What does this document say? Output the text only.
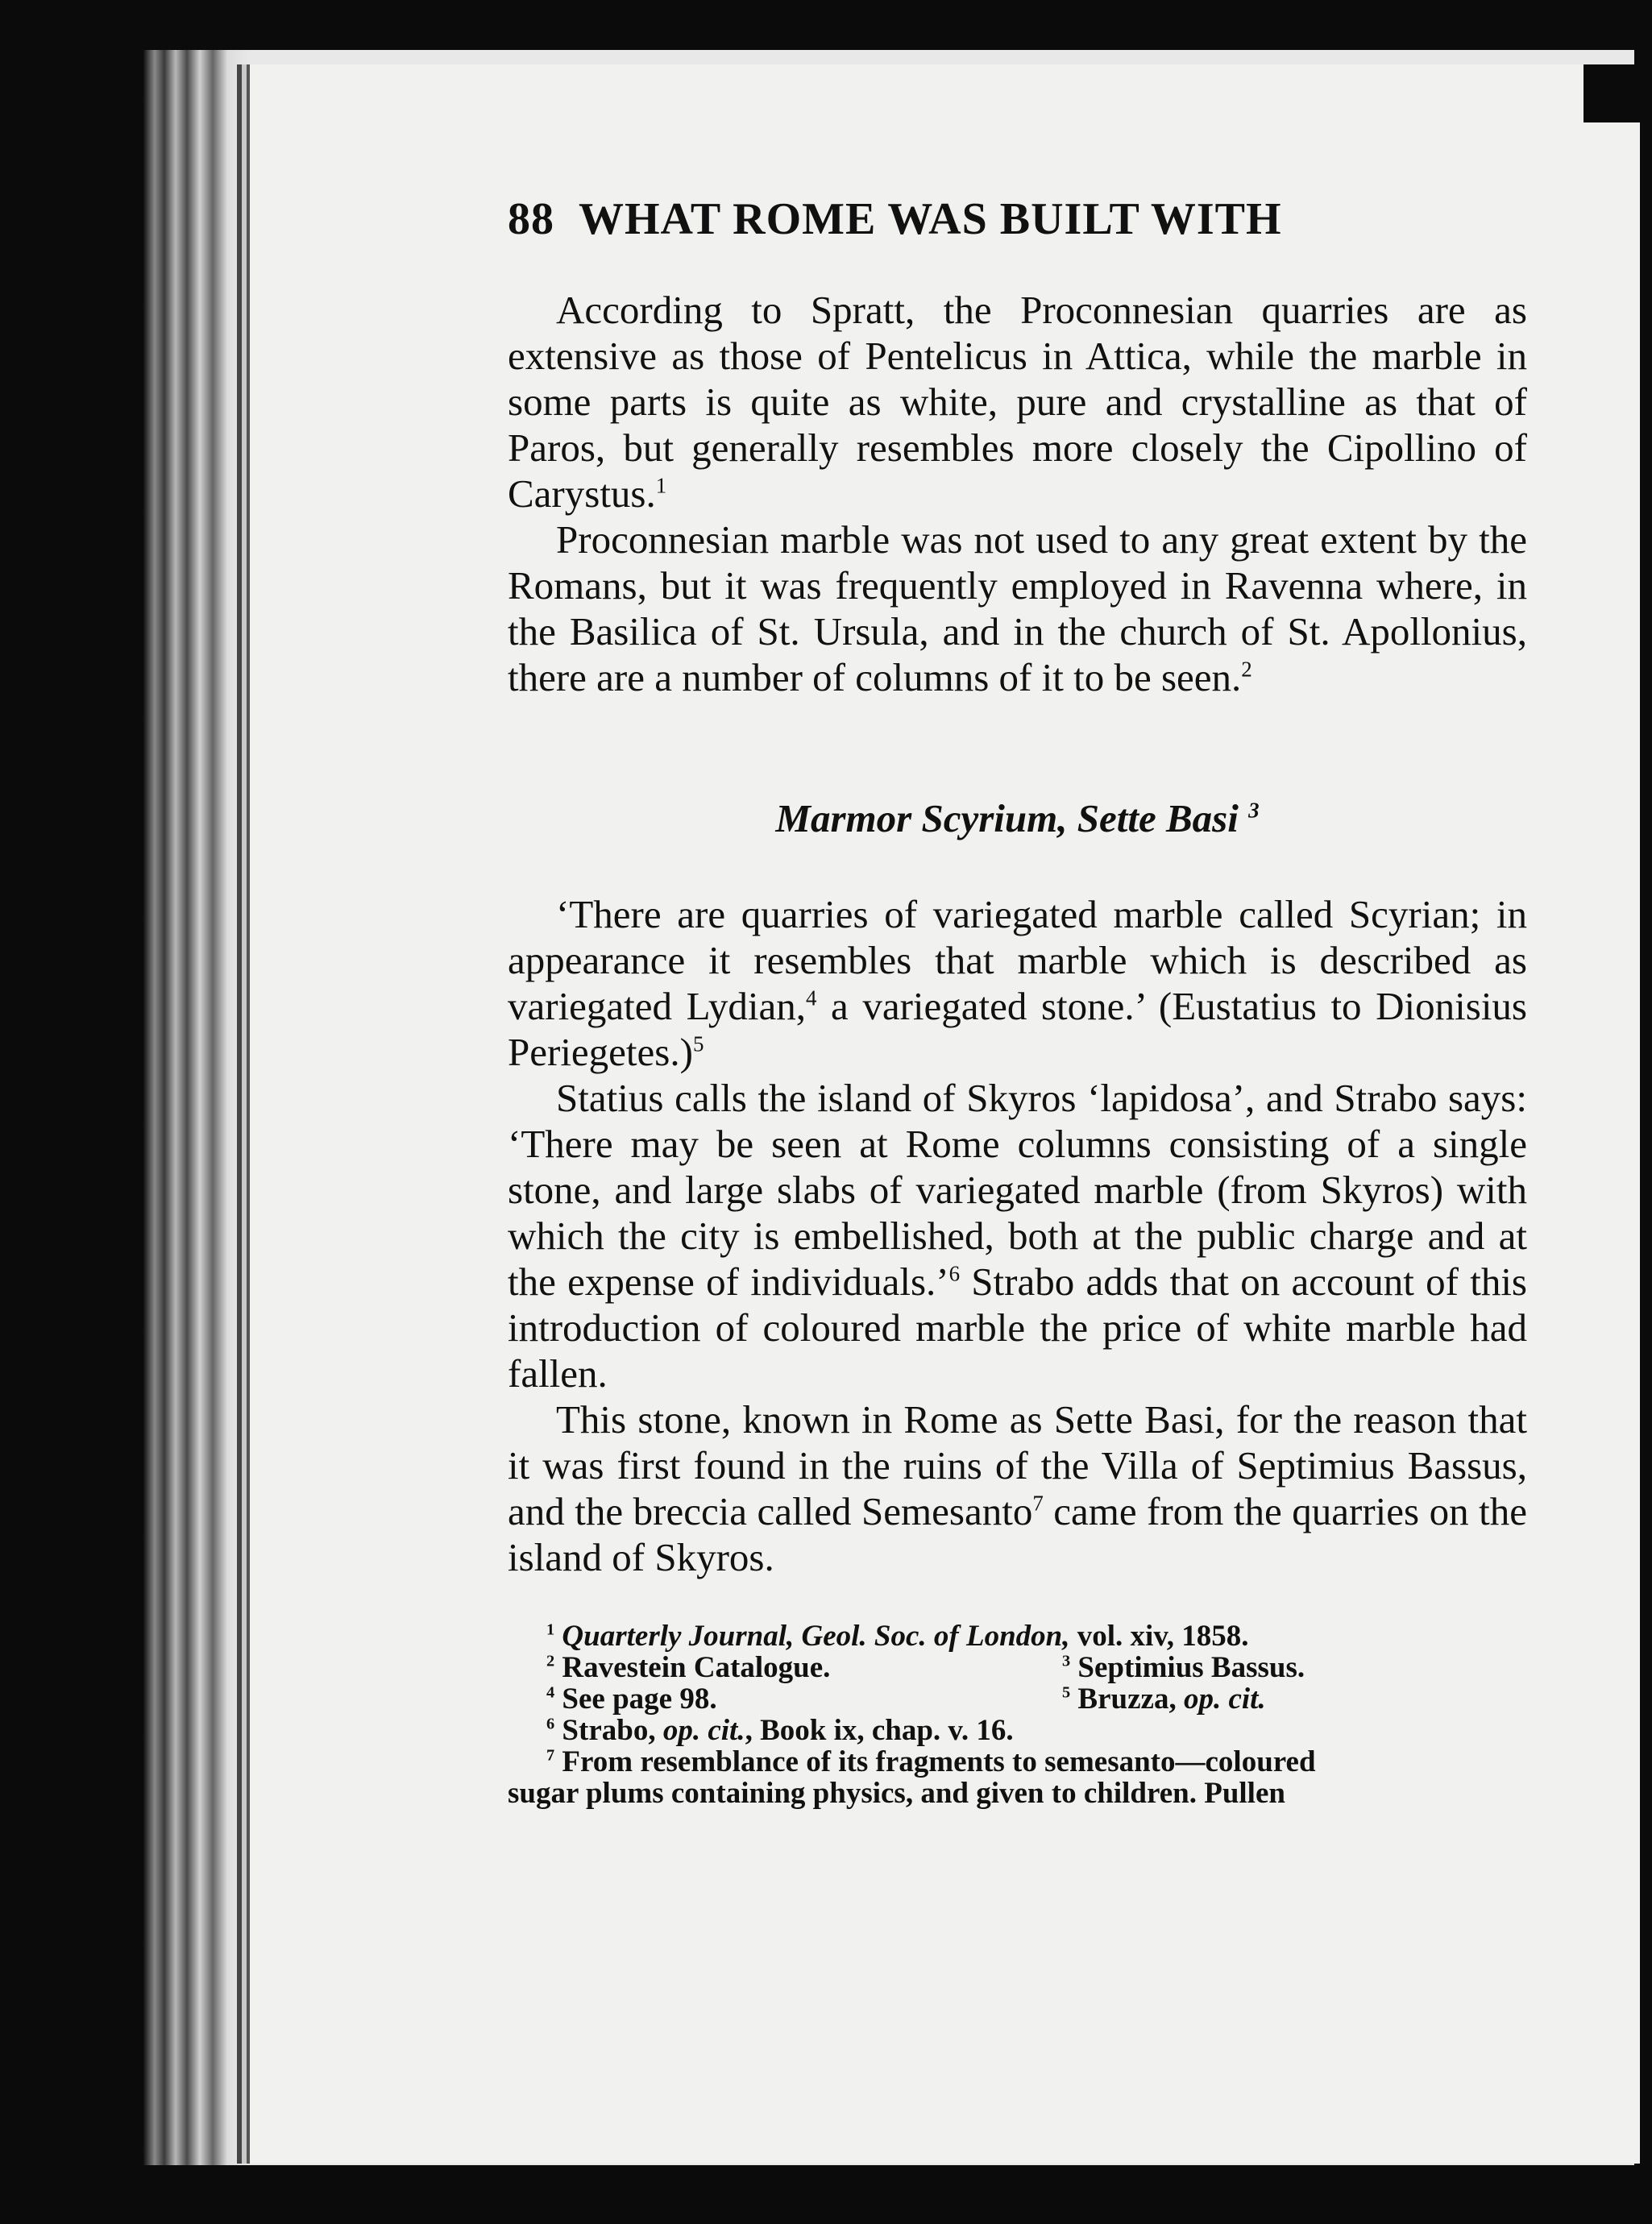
88 WHAT ROME WAS BUILT WITH

According to Spratt, the Proconnesian quarries are as extensive as those of Pentelicus in Attica, while the marble in some parts is quite as white, pure and crystalline as that of Paros, but generally resembles more closely the Cipollino of Carystus.$^1$

Proconnesian marble was not used to any great extent by the Romans, but it was frequently employed in Ravenna where, in the Basilica of St. Ursula, and in the church of St. Apollonius, there are a number of columns of it to be seen.$^2$

Marmor Scyrium, Sette Basi $^3$

‘There are quarries of variegated marble called Scyrian; in appearance it resembles that marble which is described as variegated Lydian,$^4$ a variegated stone.’ (Eustatius to Dionisius Periegetes.)$^5$

Statius calls the island of Skyros ‘lapidosa’, and Strabo says: ‘There may be seen at Rome columns consisting of a single stone, and large slabs of variegated marble (from Skyros) with which the city is embellished, both at the public charge and at the expense of individuals.’$^6$ Strabo adds that on account of this introduction of coloured marble the price of white marble had fallen.

This stone, known in Rome as Sette Basi, for the reason that it was first found in the ruins of the Villa of Septimius Bassus, and the breccia called Semesanto$^7$ came from the quarries on the island of Skyros.

$^1$ Quarterly Journal, Geol. Soc. of London, vol. xiv, 1858.
$^2$ Ravestein Catalogue.	$^3$ Septimius Bassus.
$^4$ See page 98.	$^5$ Bruzza, op. cit.
$^6$ Strabo, op. cit., Book ix, chap. v. 16.
$^7$ From resemblance of its fragments to semesanto—coloured
sugar plums containing physics, and given to children. Pullen
